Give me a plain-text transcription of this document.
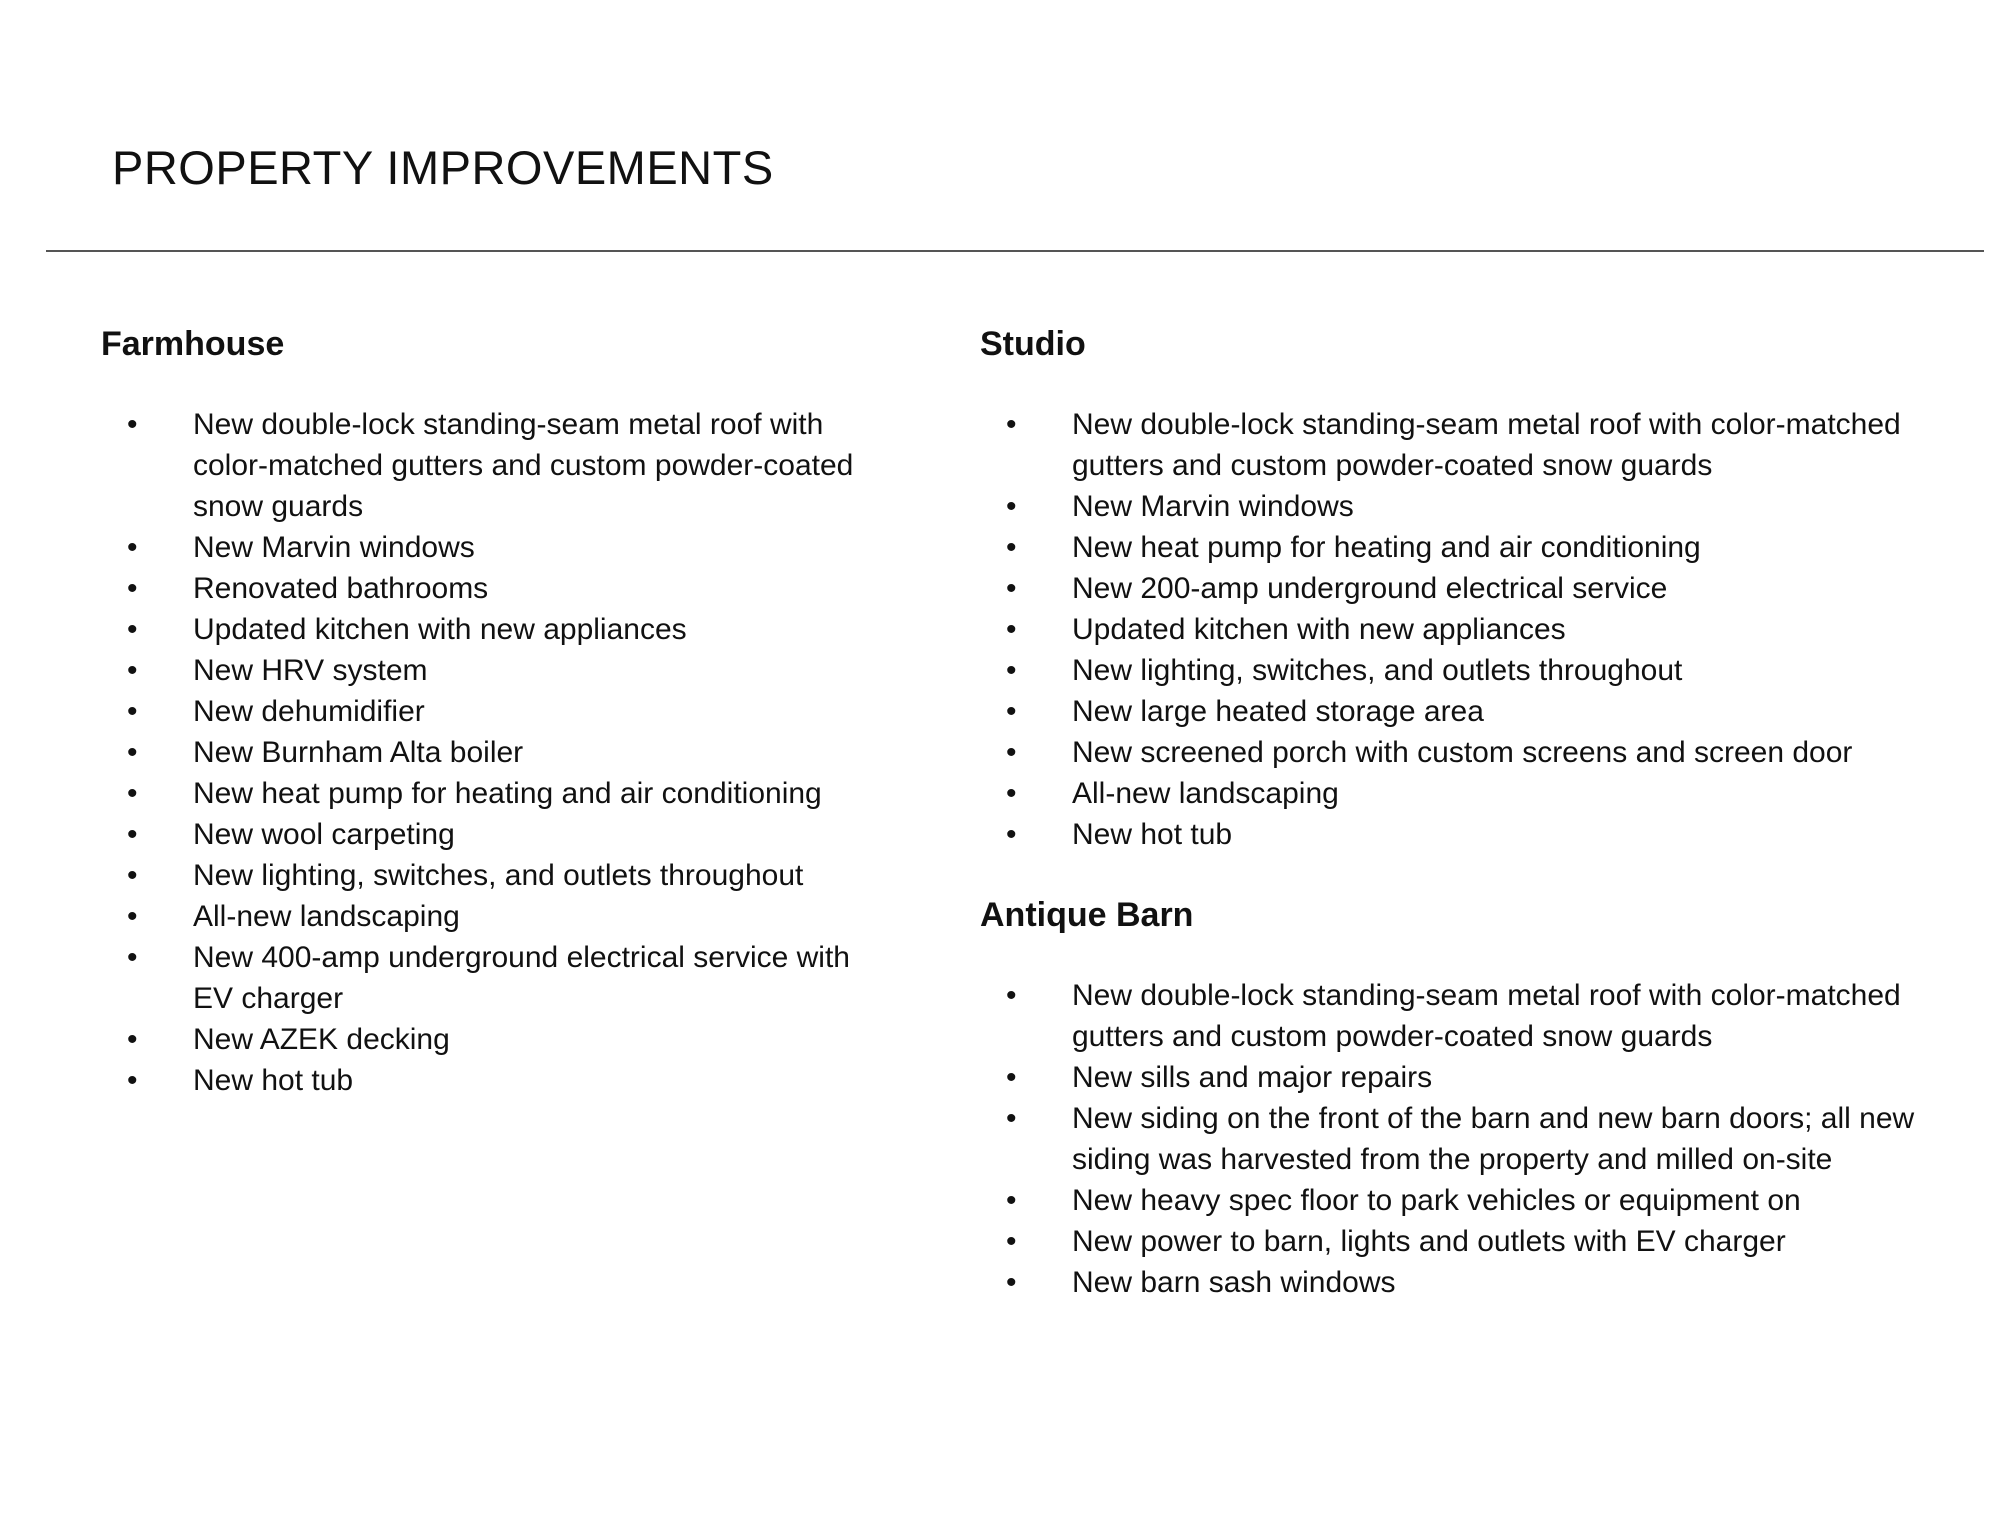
PROPERTY IMPROVEMENTS
Farmhouse
• New double-lock standing-seam metal roof with color-matched gutters and custom powder-coated snow guards
• New Marvin windows
• Renovated bathrooms
• Updated kitchen with new appliances
• New HRV system
• New dehumidifier
• New Burnham Alta boiler
• New heat pump for heating and air conditioning
• New wool carpeting
• New lighting, switches, and outlets throughout
• All-new landscaping
• New 400-amp underground electrical service with EV charger
• New AZEK decking
• New hot tub
Studio
• New double-lock standing-seam metal roof with color-matched gutters and custom powder-coated snow guards
• New Marvin windows
• New heat pump for heating and air conditioning
• New 200-amp underground electrical service
• Updated kitchen with new appliances
• New lighting, switches, and outlets throughout
• New large heated storage area
• New screened porch with custom screens and screen door
• All-new landscaping
• New hot tub
Antique Barn
• New double-lock standing-seam metal roof with color-matched gutters and custom powder-coated snow guards
• New sills and major repairs
• New siding on the front of the barn and new barn doors; all new siding was harvested from the property and milled on-site
• New heavy spec floor to park vehicles or equipment on
• New power to barn, lights and outlets with EV charger
• New barn sash windows
